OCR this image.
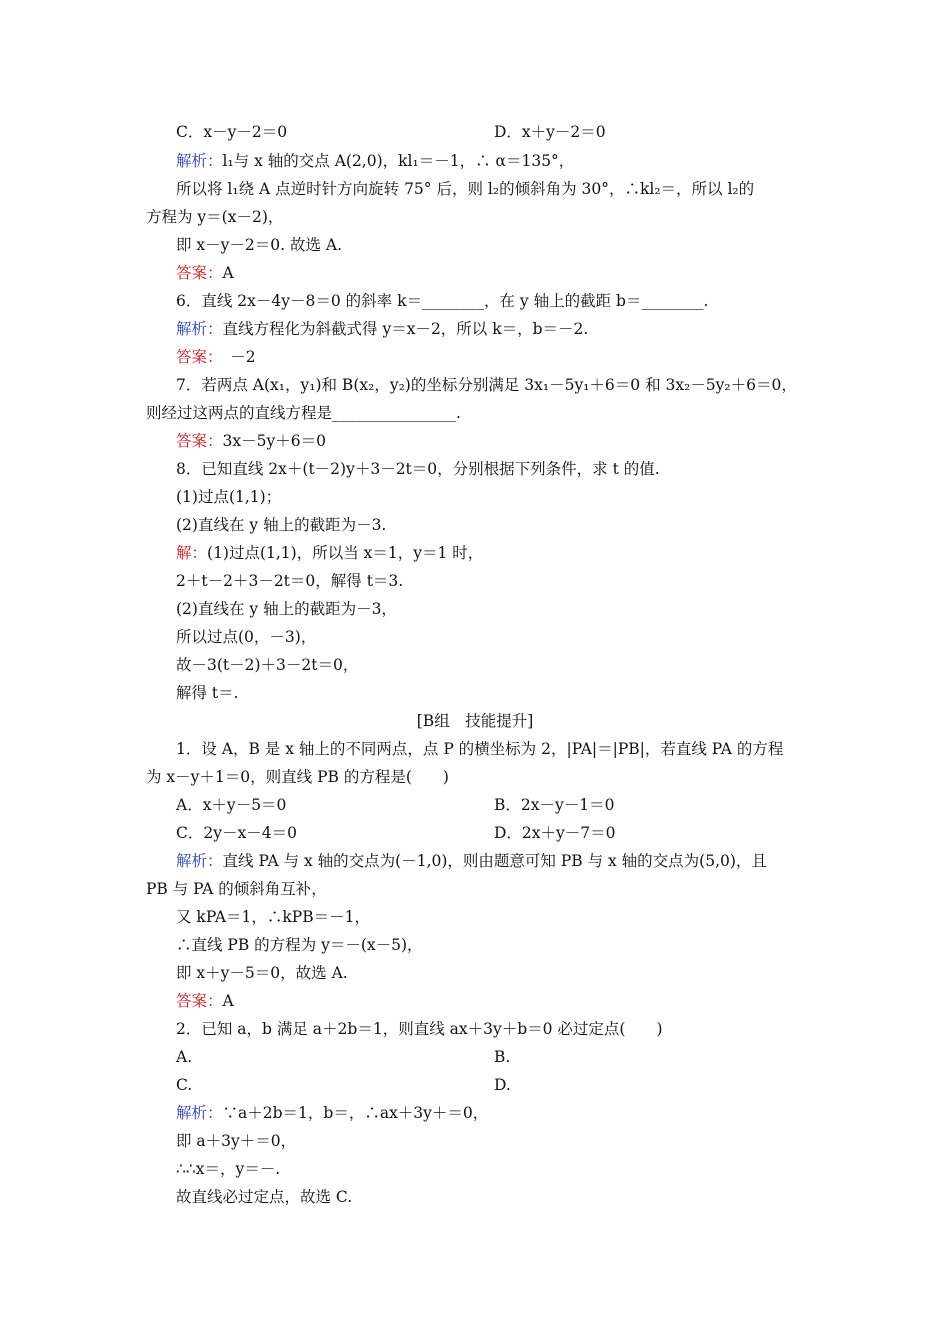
C．x－y－2＝0	D．x＋y－2＝0
解析：l₁与 x 轴的交点 A(2,0)，kl₁＝－1，∴ α＝135°，
所以将 l₁绕 A 点逆时针方向旋转 75° 后，则 l₂的倾斜角为 30°，∴kl₂＝，所以 l₂的
方程为 y＝(x－2)，
即 x－y－2＝0. 故选 A.
答案：A
6．直线 2x－4y－8＝0 的斜率 k＝________，在 y 轴上的截距 b＝________.
解析：直线方程化为斜截式得 y＝x－2，所以 k＝，b＝－2.
答案：　－2
7．若两点 A(x₁，y₁)和 B(x₂，y₂)的坐标分别满足 3x₁－5y₁＋6＝0 和 3x₂－5y₂＋6＝0，
则经过这两点的直线方程是________________.
答案：3x－5y＋6＝0
8．已知直线 2x＋(t－2)y＋3－2t＝0，分别根据下列条件，求 t 的值.
(1)过点(1,1)；
(2)直线在 y 轴上的截距为－3.
解：(1)过点(1,1)，所以当 x＝1，y＝1 时，
2＋t－2＋3－2t＝0，解得 t＝3.
(2)直线在 y 轴上的截距为－3，
所以过点(0，－3)，
故－3(t－2)＋3－2t＝0，
解得 t＝.
[B组　技能提升]
1．设 A，B 是 x 轴上的不同两点，点 P 的横坐标为 2，|PA|＝|PB|，若直线 PA 的方程
为 x－y＋1＝0，则直线 PB 的方程是(　　)
A．x＋y－5＝0	B．2x－y－1＝0
C．2y－x－4＝0	D．2x＋y－7＝0
解析：直线 PA 与 x 轴的交点为(－1,0)，则由题意可知 PB 与 x 轴的交点为(5,0)，且
PB 与 PA 的倾斜角互补，
又 kPA＝1，∴kPB＝－1，
∴直线 PB 的方程为 y＝－(x－5)，
即 x＋y－5＝0，故选 A.
答案：A
2．已知 a，b 满足 a＋2b＝1，则直线 ax＋3y＋b＝0 必过定点(　　)
A.	B.
C.	D.
解析：∵a＋2b＝1，b＝，∴ax＋3y＋＝0，
即 a＋3y＋＝0，
∴∴x＝，y＝－.
故直线必过定点，故选 C.
